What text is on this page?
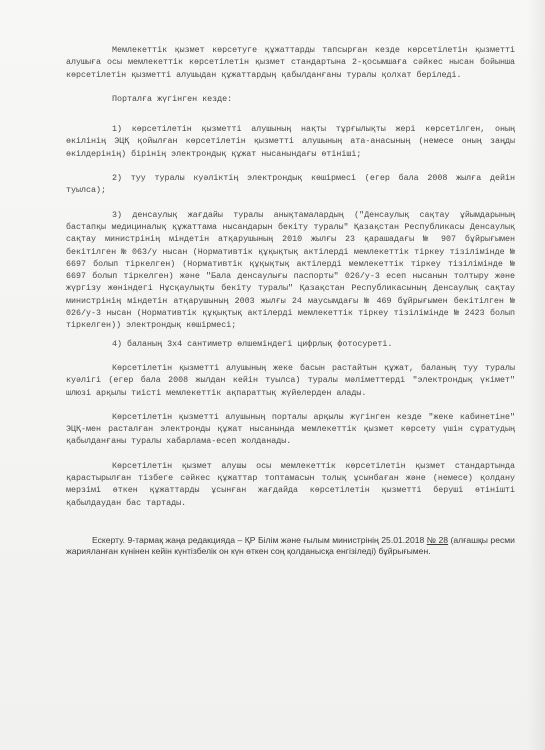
Мемлекеттік қызмет көрсетуге құжаттарды тапсырған кезде көрсетілетін қызметті алушыға осы мемлекеттік көрсетілетін қызмет стандартына 2-қосымшаға сәйкес нысан бойынша көрсетілетін қызметті алушыдан құжаттардың қабылданғаны туралы қолхат беріледі.

Порталға жүгінген кезде:

1) көрсетілетін қызметті алушының нақты тұрғылықты жері көрсетілген, оның өкілінің ЭЦҚ қойылған көрсетілетін қызметті алушының ата-анасының (немесе оның заңды өкілдерінің) бірінің электрондық құжат нысанындағы өтініші;

2) туу туралы куәліктің электрондық көшірмесі (егер бала 2008 жылға дейін туылса);

3) денсаулық жағдайы туралы анықтамалардың ("Денсаулық сақтау ұйымдарының бастапқы медициналық құжаттама нысандарын бекіту туралы" Қазақстан Республикасы Денсаулық сақтау министрінің міндетін атқарушының 2010 жылғы 23 қарашадағы № 907 бұйрығымен бекітілген № 063/у нысан (Нормативтік құқықтық актілерді мемлекеттік тіркеу тізілімінде № 6697 болып тіркелген) (Нормативтік құқықтық актілерді мемлекеттік тіркеу тізілімінде № 6697 болып тіркелген) және "Бала денсаулығы паспорты" 026/у-3 есеп нысанын толтыру және жүргізу жөніндегі Нұсқаулықты бекіту туралы" Қазақстан Республикасының Денсаулық сақтау министрінің міндетін атқарушының 2003 жылғы 24 маусымдағы № 469 бұйрығымен бекітілген № 026/у-3 нысан (Нормативтік құқықтық актілерді мемлекеттік тіркеу тізілімінде № 2423 болып тіркелген)) электрондық көшірмесі;

4) баланың 3х4 сантиметр өлшеміндегі цифрлық фотосуреті.

Көрсетілетін қызметті алушының жеке басын растайтын құжат, баланың туу туралы куәлігі (егер бала 2008 жылдан кейін туылса) туралы мәліметтерді "электрондық үкімет" шлюзі арқылы тиісті мемлекеттік ақпараттық жүйелерден алады.

Көрсетілетін қызметті алушының порталы арқылы жүгінген кезде "жеке кабинетіне" ЭЦҚ-мен расталған электронды құжат нысанында мемлекеттік қызмет көрсету үшін сұратудың қабылданғаны туралы хабарлама-есеп жолданады.

Көрсетілетін қызмет алушы осы мемлекеттік көрсетілетін қызмет стандартында қарастырылған тізбеге сәйкес құжаттар топтамасын толық ұсынбаған және (немесе) қолдану мерзімі өткен құжаттарды ұсынған жағдайда көрсетілетін қызметті беруші өтінішті қабылдаудан бас тартады.

Ескерту. 9-тармақ жаңа редакцияда – ҚР Білім және ғылым министрінің 25.01.2018 № 28 (алғашқы ресми жарияланған күнінен кейін күнтізбелік он күн өткен соң қолданысқа енгізіледі) бұйрығымен.
